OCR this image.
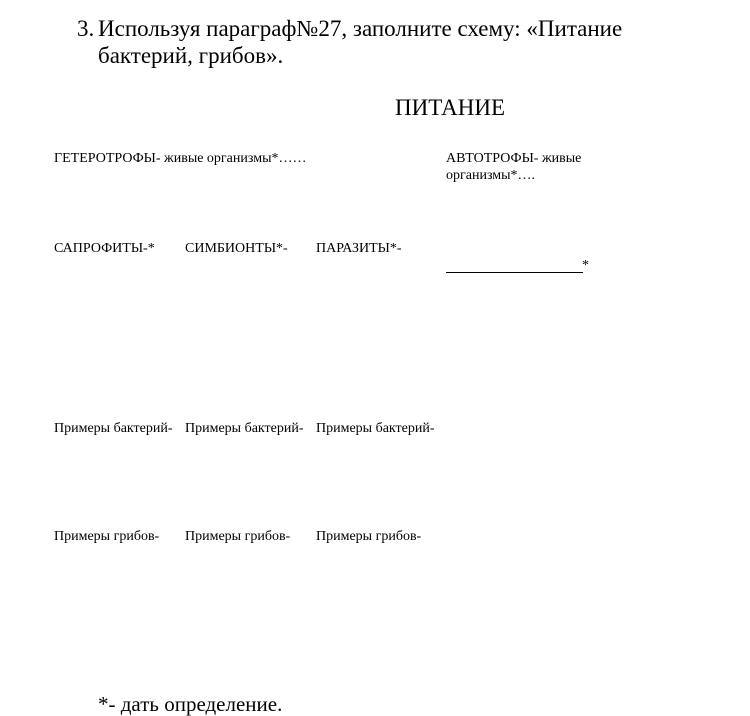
3. Используя параграф№27, заполните схему: «Питание
бактерий, грибов».
ПИТАНИЕ
ГЕТЕРОТРОФЫ- живые организмы*……	АВТОТРОФЫ- живые
организмы*….
САПРОФИТЫ-* СИМБИОНТЫ*- ПАРАЗИТЫ*-
*
Примеры бактерий- Примеры бактерий- Примеры бактерий-
Примеры грибов- Примеры грибов- Примеры грибов-
*- дать определение.
